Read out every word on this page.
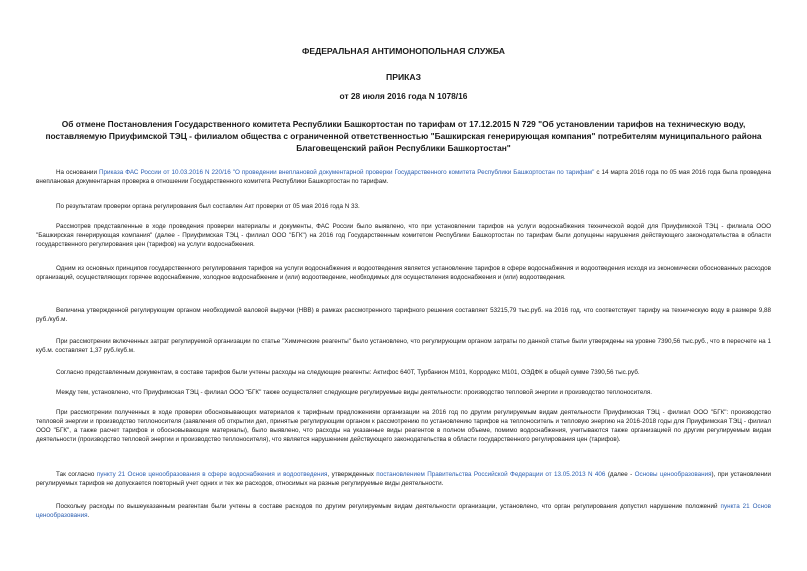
ФЕДЕРАЛЬНАЯ АНТИМОНОПОЛЬНАЯ СЛУЖБА
ПРИКАЗ
от 28 июля 2016 года N 1078/16
Об отмене Постановления Государственного комитета Республики Башкортостан по тарифам от 17.12.2015 N 729 "Об установлении тарифов на техническую воду, поставляемую Приуфимской ТЭЦ - филиалом общества с ограниченной ответственностью "Башкирская генерирующая компания" потребителям муниципального района Благовещенский район Республики Башкортостан"

На основании Приказа ФАС России от 10.03.2016 N 220/16 "О проведении внеплановой документарной проверки Государственного комитета Республики Башкортостан по тарифам" с 14 марта 2016 года по 05 мая 2016 года была проведена внеплановая документарная проверка в отношении Государственного комитета Республики Башкортостан по тарифам.

По результатам проверки органа регулирования был составлен Акт проверки от 05 мая 2016 года N 33.

Рассмотрев представленные в ходе проведения проверки материалы и документы, ФАС России было выявлено, что при установлении тарифов на услуги водоснабжения технической водой для Приуфимской ТЭЦ - филиала ООО "Башкирская генерирующая компания" (далее - Приуфимская ТЭЦ - филиал ООО "БГК") на 2016 год Государственным комитетом Республики Башкортостан по тарифам были допущены нарушения действующего законодательства в области государственного регулирования цен (тарифов) на услуги водоснабжения.

Одним из основных принципов государственного регулирования тарифов на услуги водоснабжения и водоотведения является установление тарифов в сфере водоснабжения и водоотведения исходя из экономически обоснованных расходов организаций, осуществляющих горячее водоснабжение, холодное водоснабжение и (или) водоотведение, необходимых для осуществления водоснабжения и (или) водоотведения.

Величина утвержденной регулирующим органом необходимой валовой выручки (НВВ) в рамках рассмотренного тарифного решения составляет 53215,79 тыс.руб. на 2016 год, что соответствует тарифу на техническую воду в размере 9,88 руб./куб.м.

При рассмотрении включенных затрат регулируемой организации по статье "Химические реагенты" было установлено, что регулирующим органом затраты по данной статье были утверждены на уровне 7390,56 тыс.руб., что в пересчете на 1 куб.м. составляет 1,37 руб./куб.м.

Согласно представленным документам, в составе тарифов были учтены расходы на следующие реагенты: Актифос 640Т, Турбанион М101, Корродекс М101, ОЭДФК в общей сумме 7390,56 тыс.руб.

Между тем, установлено, что Приуфимская ТЭЦ - филиал ООО "БГК" также осуществляет следующие регулируемые виды деятельности: производство тепловой энергии и производство теплоносителя.

При рассмотрении полученных в ходе проверки обосновывающих материалов к тарифным предложениям организации на 2016 год по другим регулируемым видам деятельности Приуфимская ТЭЦ - филиал ООО "БГК": производство тепловой энергии и производство теплоносителя (заявления об открытии дел, принятые регулирующим органом к рассмотрению по установлению тарифов на теплоноситель и тепловую энергию на 2016-2018 годы для Приуфимская ТЭЦ - филиал ООО "БГК", а также расчет тарифов и обосновывающие материалы), было выявлено, что расходы на указанные виды реагентов в полном объеме, помимо водоснабжения, учитываются также организацией по другим регулируемым видам деятельности (производство тепловой энергии и производство теплоносителя), что является нарушением действующего законодательства в области государственного регулирования цен (тарифов).

Так согласно пункту 21 Основ ценообразования в сфере водоснабжения и водоотведения, утвержденных постановлением Правительства Российской Федерации от 13.05.2013 N 406 (далее - Основы ценообразования), при установлении регулируемых тарифов не допускается повторный учет одних и тех же расходов, относимых на разные регулируемые виды деятельности.

Поскольку расходы по вышеуказанным реагентам были учтены в составе расходов по другим регулируемым видам деятельности организации, установлено, что орган регулирования допустил нарушение положений пункта 21 Основ ценообразования.
